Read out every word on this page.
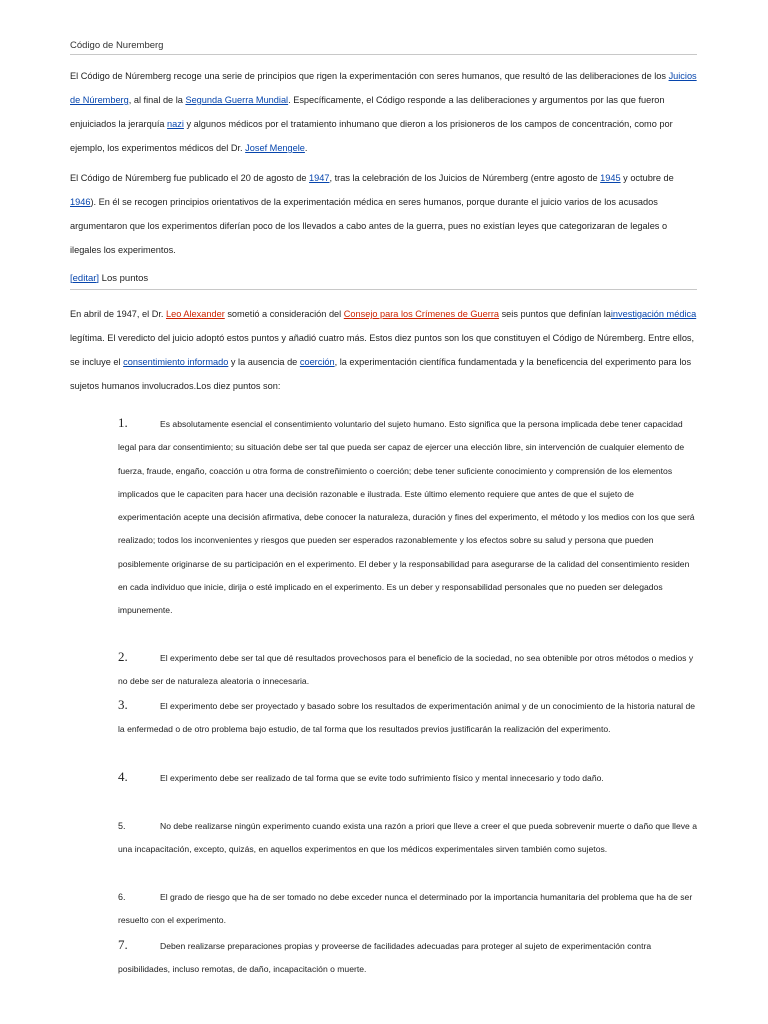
Código de Nuremberg

El Código de Núremberg recoge una serie de principios que rigen la experimentación con seres humanos, que resultó de las deliberaciones de los Juicios de Núremberg, al final de la Segunda Guerra Mundial. Específicamente, el Código responde a las deliberaciones y argumentos por las que fueron enjuiciados la jerarquía nazi y algunos médicos por el tratamiento inhumano que dieron a los prisioneros de los campos de concentración, como por ejemplo, los experimentos médicos del Dr. Josef Mengele.

El Código de Núremberg fue publicado el 20 de agosto de 1947, tras la celebración de los Juicios de Núremberg (entre agosto de 1945 y octubre de 1946). En él se recogen principios orientativos de la experimentación médica en seres humanos, porque durante el juicio varios de los acusados argumentaron que los experimentos diferían poco de los llevados a cabo antes de la guerra, pues no existían leyes que categorizaran de legales o ilegales los experimentos.

[editar] Los puntos

En abril de 1947, el Dr. Leo Alexander sometió a consideración del Consejo para los Crímenes de Guerra seis puntos que definían lainvestigación médica legítima. El veredicto del juicio adoptó estos puntos y añadió cuatro más. Estos diez puntos son los que constituyen el Código de Núremberg. Entre ellos, se incluye el consentimiento informado y la ausencia de coerción, la experimentación científica fundamentada y la beneficencia del experimento para los sujetos humanos involucrados.Los diez puntos son:

1.	Es absolutamente esencial el consentimiento voluntario del sujeto humano. Esto significa que la persona implicada debe tener capacidad legal para dar consentimiento; su situación debe ser tal que pueda ser capaz de ejercer una elección libre, sin intervención de cualquier elemento de fuerza, fraude, engaño, coacción u otra forma de constreñimiento o coerción; debe tener suficiente conocimiento y comprensión de los elementos implicados que le capaciten para hacer una decisión razonable e ilustrada. Este último elemento requiere que antes de que el sujeto de experimentación acepte una decisión afirmativa, debe conocer la naturaleza, duración y fines del experimento, el método y los medios con los que será realizado; todos los inconvenientes y riesgos que pueden ser esperados razonablemente y los efectos sobre su salud y persona que pueden posiblemente originarse de su participación en el experimento. El deber y la responsabilidad para asegurarse de la calidad del consentimiento residen en cada individuo que inicie, dirija o esté implicado en el experimento. Es un deber y responsabilidad personales que no pueden ser delegados impunemente.

2.	El experimento debe ser tal que dé resultados provechosos para el beneficio de la sociedad, no sea obtenible por otros métodos o medios y no debe ser de naturaleza aleatoria o innecesaria.

3.	El experimento debe ser proyectado y basado sobre los resultados de experimentación animal y de un conocimiento de la historia natural de la enfermedad o de otro problema bajo estudio, de tal forma que los resultados previos justificarán la realización del experimento.

4.	El experimento debe ser realizado de tal forma que se evite todo sufrimiento físico y mental innecesario y todo daño.

5.	No debe realizarse ningún experimento cuando exista una razón a priori que lleve a creer el que pueda sobrevenir muerte o daño que lleve a una incapacitación, excepto, quizás, en aquellos experimentos en que los médicos experimentales sirven también como sujetos.

6.	El grado de riesgo que ha de ser tomado no debe exceder nunca el determinado por la importancia humanitaria del problema que ha de ser resuelto con el experimento.

7.	Deben realizarse preparaciones propias y proveerse de facilidades adecuadas para proteger al sujeto de experimentación contra posibilidades, incluso remotas, de daño, incapacitación o muerte.
